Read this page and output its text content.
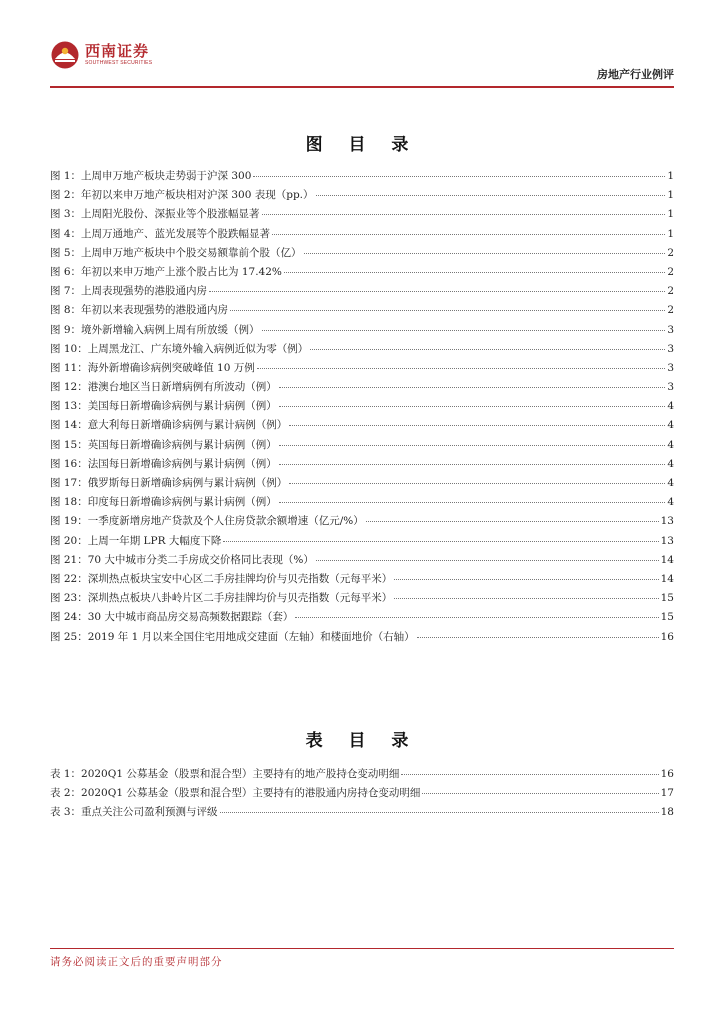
西南证券
SOUTHWEST SECURITIES
房地产行业例评
图 目 录
图 1：上周申万地产板块走势弱于沪深 300	1
图 2：年初以来申万地产板块相对沪深 300 表现（pp.）	1
图 3：上周阳光股份、深振业等个股涨幅显著	1
图 4：上周万通地产、蓝光发展等个股跌幅显著	1
图 5：上周申万地产板块中个股交易额靠前个股（亿）	2
图 6：年初以来申万地产上涨个股占比为 17.42%	2
图 7：上周表现强势的港股通内房	2
图 8：年初以来表现强势的港股通内房	2
图 9：境外新增输入病例上周有所放缓（例）	3
图 10：上周黑龙江、广东境外输入病例近似为零（例）	3
图 11：海外新增确诊病例突破峰值 10 万例	3
图 12：港澳台地区当日新增病例有所波动（例）	3
图 13：美国每日新增确诊病例与累计病例（例）	4
图 14：意大利每日新增确诊病例与累计病例（例）	4
图 15：英国每日新增确诊病例与累计病例（例）	4
图 16：法国每日新增确诊病例与累计病例（例）	4
图 17：俄罗斯每日新增确诊病例与累计病例（例）	4
图 18：印度每日新增确诊病例与累计病例（例）	4
图 19：一季度新增房地产贷款及个人住房贷款余额增速（亿元/%）	13
图 20：上周一年期 LPR 大幅度下降	13
图 21：70 大中城市分类二手房成交价格同比表现（%）	14
图 22：深圳热点板块宝安中心区二手房挂牌均价与贝壳指数（元每平米）	14
图 23：深圳热点板块八卦岭片区二手房挂牌均价与贝壳指数（元每平米）	15
图 24：30 大中城市商品房交易高频数据跟踪（套）	15
图 25：2019 年 1 月以来全国住宅用地成交建面（左轴）和楼面地价（右轴）	16
表 目 录
表 1：2020Q1 公募基金（股票和混合型）主要持有的地产股持仓变动明细	16
表 2：2020Q1 公募基金（股票和混合型）主要持有的港股通内房持仓变动明细	17
表 3：重点关注公司盈利预测与评级	18
请务必阅读正文后的重要声明部分
